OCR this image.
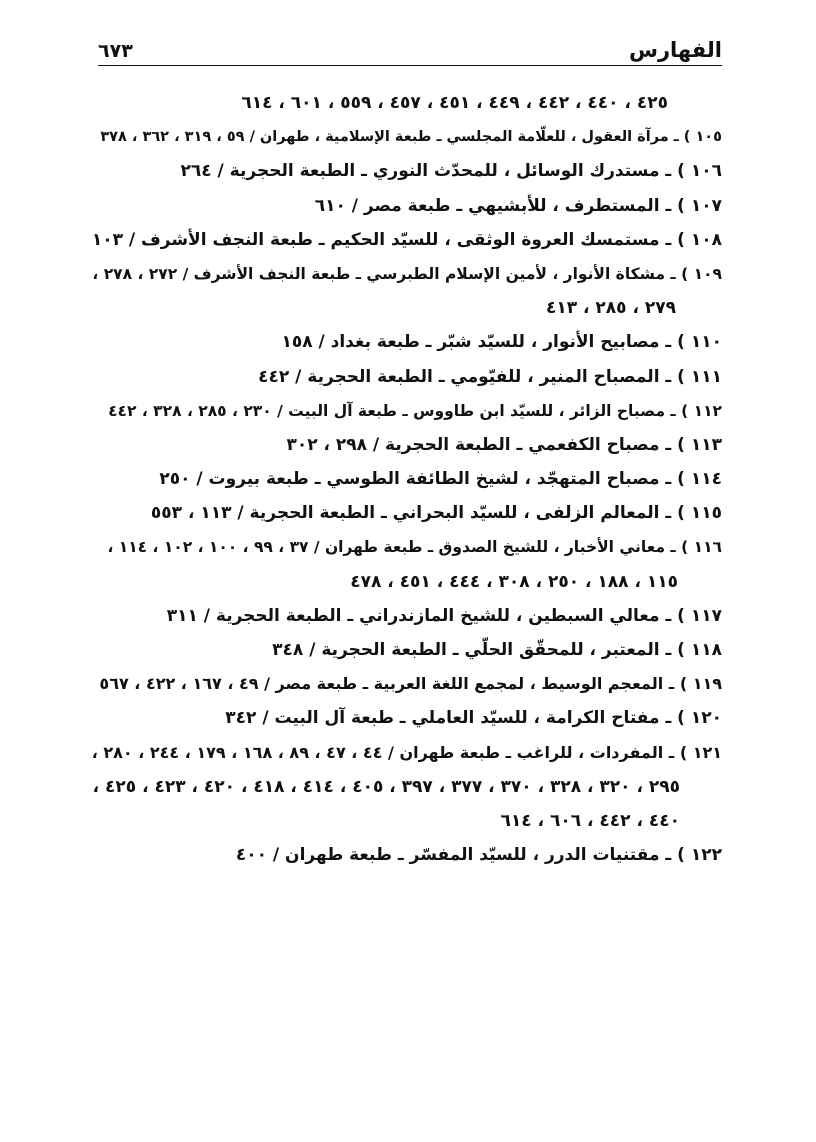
الفهارس
٦٧٣
٤٢٥ ، ٤٤٠ ، ٤٤٢ ، ٤٤٩ ، ٤٥١ ، ٤٥٧ ، ٥٥٩ ، ٦٠١ ، ٦١٤
١٠٥ ) ـ مرآة العقول ، للعلّامة المجلسي ـ طبعة الإسلامية ، طهران / ٥٩ ، ٣١٩ ، ٣٦٢ ، ٣٧٨
١٠٦ ) ـ مستدرك الوسائل ، للمحدّث النوري ـ الطبعة الحجرية / ٢٦٤
١٠٧ ) ـ المستطرف ، للأبشيهي ـ طبعة مصر / ٦١٠
١٠٨ ) ـ مستمسك العروة الوثقى ، للسيّد الحكيم ـ طبعة النجف الأشرف / ١٠٣
١٠٩ ) ـ مشكاة الأنوار ، لأمين الإسلام الطبرسي ـ طبعة النجف الأشرف / ٢٧٢ ، ٢٧٨ ،
٢٧٩ ، ٢٨٥ ، ٤١٣
١١٠ ) ـ مصابيح الأنوار ، للسيّد شبّر ـ طبعة بغداد / ١٥٨
١١١ ) ـ المصباح المنير ، للفيّومي ـ الطبعة الحجرية / ٤٤٢
١١٢ ) ـ مصباح الزائر ، للسيّد ابن طاووس ـ طبعة آل البيت / ٢٣٠ ، ٢٨٥ ، ٣٢٨ ، ٤٤٢
١١٣ ) ـ مصباح الكفعمي ـ الطبعة الحجرية / ٢٩٨ ، ٣٠٢
١١٤ ) ـ مصباح المتهجّد ، لشيخ الطائفة الطوسي ـ طبعة بيروت / ٢٥٠
١١٥ ) ـ المعالم الزلفى ، للسيّد البحراني ـ الطبعة الحجرية / ١١٣ ، ٥٥٣
١١٦ ) ـ معاني الأخبار ، للشيخ الصدوق ـ طبعة طهران / ٣٧ ، ٩٩ ، ١٠٠ ، ١٠٢ ، ١١٤ ،
١١٥ ، ١٨٨ ، ٢٥٠ ، ٣٠٨ ، ٤٤٤ ، ٤٥١ ، ٤٧٨
١١٧ ) ـ معالي السبطين ، للشيخ المازندراني ـ الطبعة الحجرية / ٣١١
١١٨ ) ـ المعتبر ، للمحقّق الحلّي ـ الطبعة الحجرية / ٣٤٨
١١٩ ) ـ المعجم الوسيط ، لمجمع اللغة العربية ـ طبعة مصر / ٤٩ ، ١٦٧ ، ٤٢٢ ، ٥٦٧
١٢٠ ) ـ مفتاح الكرامة ، للسيّد العاملي ـ طبعة آل البيت / ٣٤٢
١٢١ ) ـ المفردات ، للراغب ـ طبعة طهران / ٤٤ ، ٤٧ ، ٨٩ ، ١٦٨ ، ١٧٩ ، ٢٤٤ ، ٢٨٠ ،
٢٩٥ ، ٣٢٠ ، ٣٢٨ ، ٣٧٠ ، ٣٧٧ ، ٣٩٧ ، ٤٠٥ ، ٤١٤ ، ٤١٨ ، ٤٢٠ ، ٤٢٣ ، ٤٢٥ ،
٤٤٠ ، ٤٤٢ ، ٦٠٦ ، ٦١٤
١٢٢ ) ـ مقتنيات الدرر ، للسيّد المفسّر ـ طبعة طهران / ٤٠٠
